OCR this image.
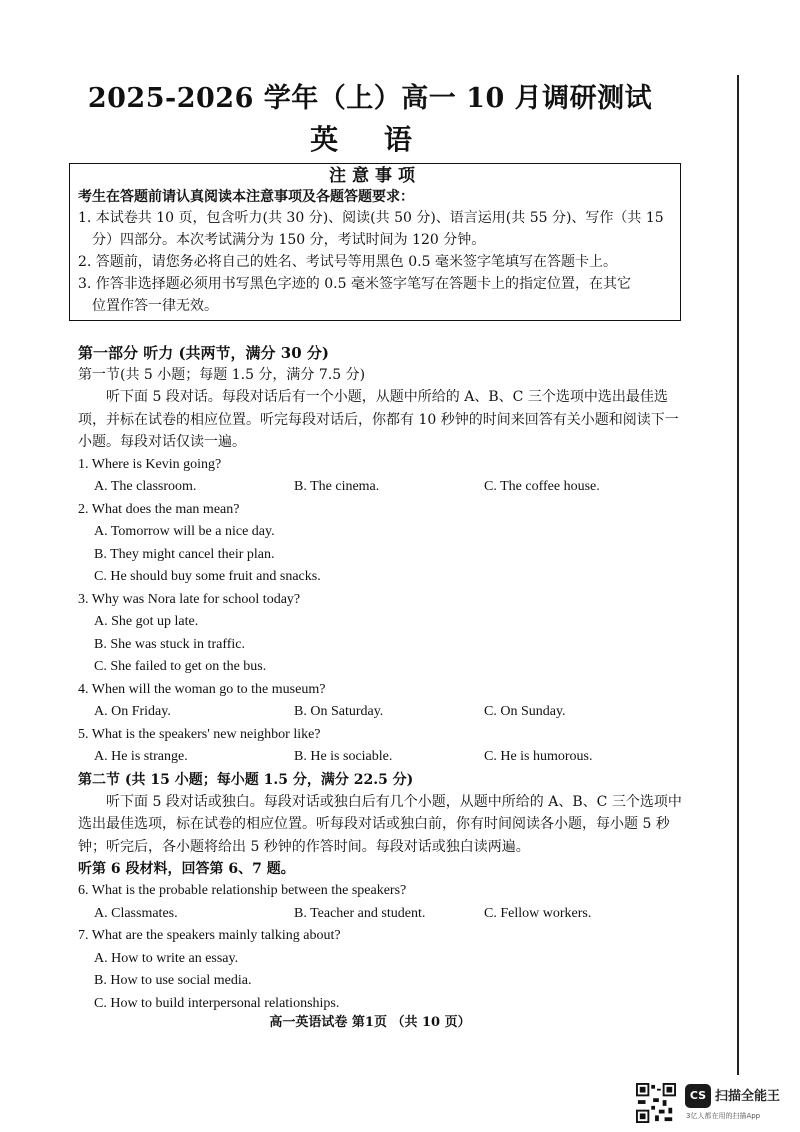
2025-2026 学年（上）高一 10 月调研测试
英 语
注意事项
考生在答题前请认真阅读本注意事项及各题答题要求：
1. 本试卷共 10 页，包含听力(共 30 分)、阅读(共 50 分)、语言运用(共 55 分)、写作（共 15
分）四部分。本次考试满分为 150 分，考试时间为 120 分钟。
2. 答题前，请您务必将自己的姓名、考试号等用黑色 0.5 毫米签字笔填写在答题卡上。
3. 作答非选择题必须用书写黑色字迹的 0.5 毫米签字笔写在答题卡上的指定位置，在其它
位置作答一律无效。
第一部分 听力 (共两节，满分 30 分)
第一节(共 5 小题；每题 1.5 分，满分 7.5 分)
听下面 5 段对话。每段对话后有一个小题，从题中所给的 A、B、C 三个选项中选出最佳选项，并标在试卷的相应位置。听完每段对话后，你都有 10 秒钟的时间来回答有关小题和阅读下一小题。每段对话仅读一遍。
1. Where is Kevin going?
A. The classroom.	B. The cinema.	C. The coffee house.
2. What does the man mean?
A. Tomorrow will be a nice day.
B. They might cancel their plan.
C. He should buy some fruit and snacks.
3. Why was Nora late for school today?
A. She got up late.
B. She was stuck in traffic.
C. She failed to get on the bus.
4. When will the woman go to the museum?
A. On Friday.	B. On Saturday.	C. On Sunday.
5. What is the speakers' new neighbor like?
A. He is strange.	B. He is sociable.	C. He is humorous.
第二节 (共 15 小题；每小题 1.5 分，满分 22.5 分)
听下面 5 段对话或独白。每段对话或独白后有几个小题，从题中所给的 A、B、C 三个选项中选出最佳选项，标在试卷的相应位置。听每段对话或独白前，你有时间阅读各小题，每小题 5 秒钟；听完后，各小题将给出 5 秒钟的作答时间。每段对话或独白读两遍。
听第 6 段材料，回答第 6、7 题。
6. What is the probable relationship between the speakers?
A. Classmates.	B. Teacher and student.	C. Fellow workers.
7. What are the speakers mainly talking about?
A. How to write an essay.
B. How to use social media.
C. How to build interpersonal relationships.
高一英语试卷 第1页 （共 10 页）
CS 扫描全能王
3亿人都在用的扫描App
